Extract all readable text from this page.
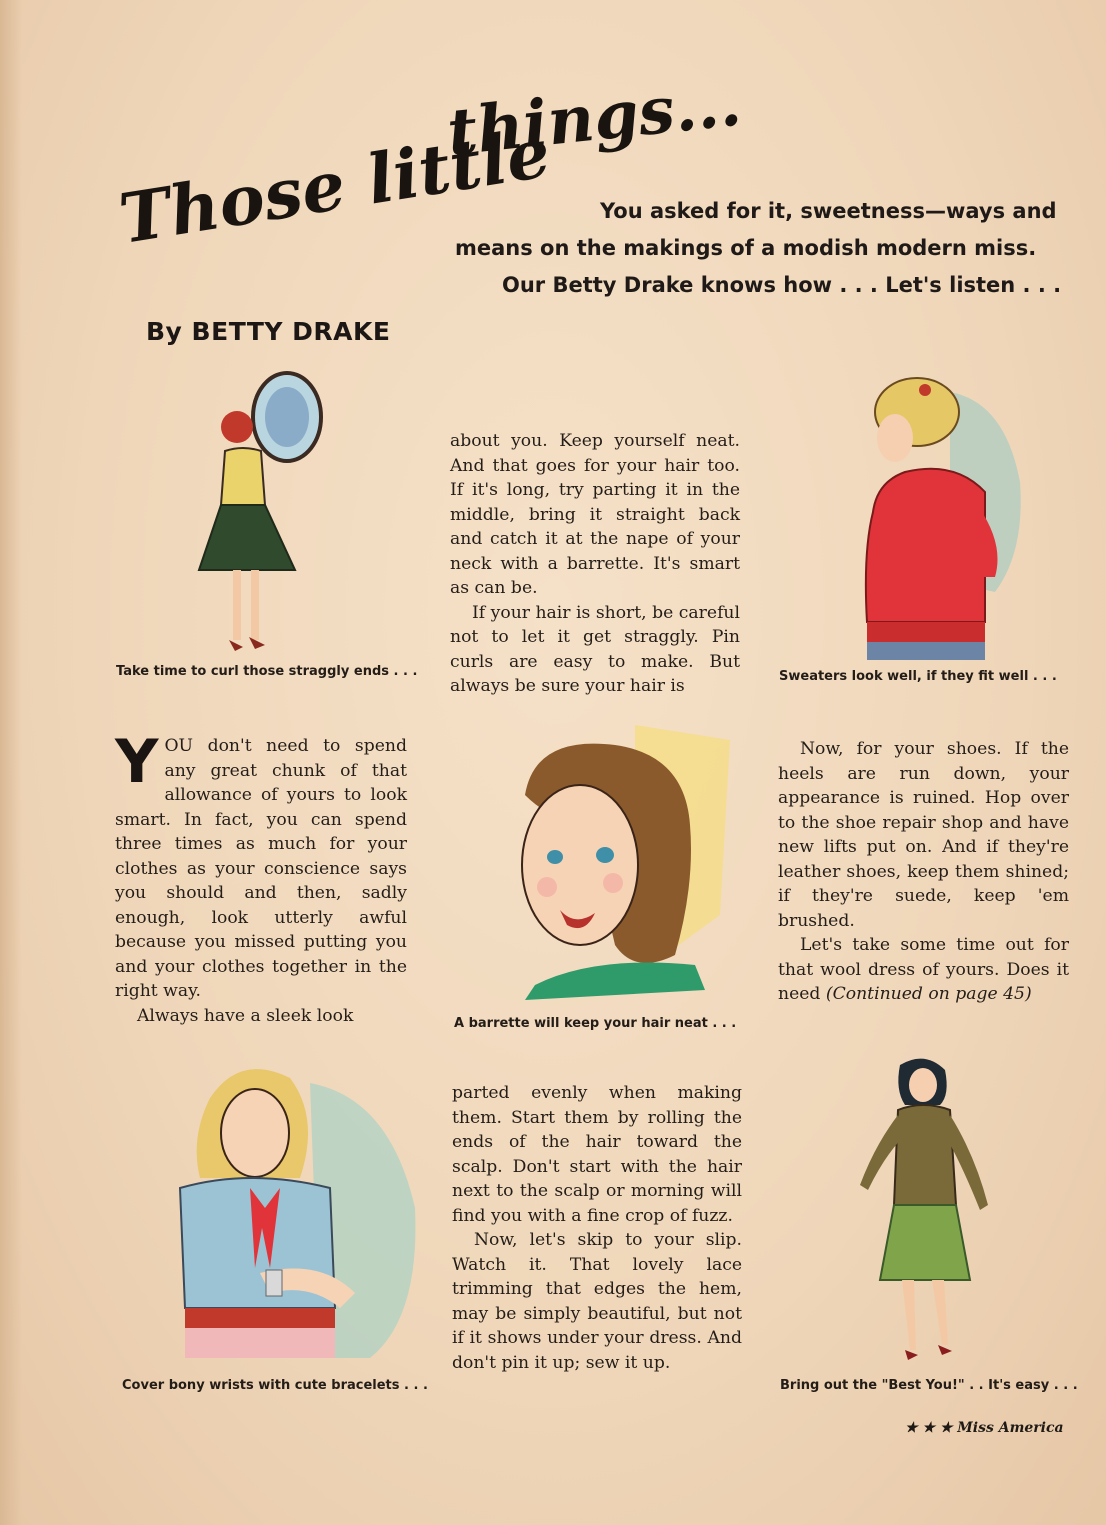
Those little
things...
You asked for it, sweetness—ways and
means on the makings of a modish modern miss.
Our Betty Drake knows how . . . Let's listen . . .
By BETTY DRAKE
Take time to curl those straggly ends . . .	Sweaters look well, if they fit well . . .
A barrette will keep your hair neat . . .
Cover bony wrists with cute bracelets . . .	Bring out the "Best You!" . . It's easy . . .
Y OU don't need to spend any great chunk of that allowance of yours to look smart. In fact, you can spend three times as much for your clothes as your conscience says you should and then, sadly enough, look utterly awful because you missed putting you and your clothes together in the right way.

Always have a sleek look

about you. Keep yourself neat. And that goes for your hair too. If it's long, try parting it in the middle, bring it straight back and catch it at the nape of your neck with a barrette. It's smart as can be.

If your hair is short, be careful not to let it get straggly. Pin curls are easy to make. But always be sure your hair is

parted evenly when making them. Start them by rolling the ends of the hair toward the scalp. Don't start with the hair next to the scalp or morning will find you with a fine crop of fuzz.

Now, let's skip to your slip. Watch it. That lovely lace trimming that edges the hem, may be simply beautiful, but not if it shows under your dress. And don't pin it up; sew it up.

Now, for your shoes. If the heels are run down, your appearance is ruined. Hop over to the shoe repair shop and have new lifts put on. And if they're leather shoes, keep them shined; if they're suede, keep 'em brushed.

Let's take some time out for that wool dress of yours. Does it need (Continued on page 45)

★ ★ ★ Miss America
